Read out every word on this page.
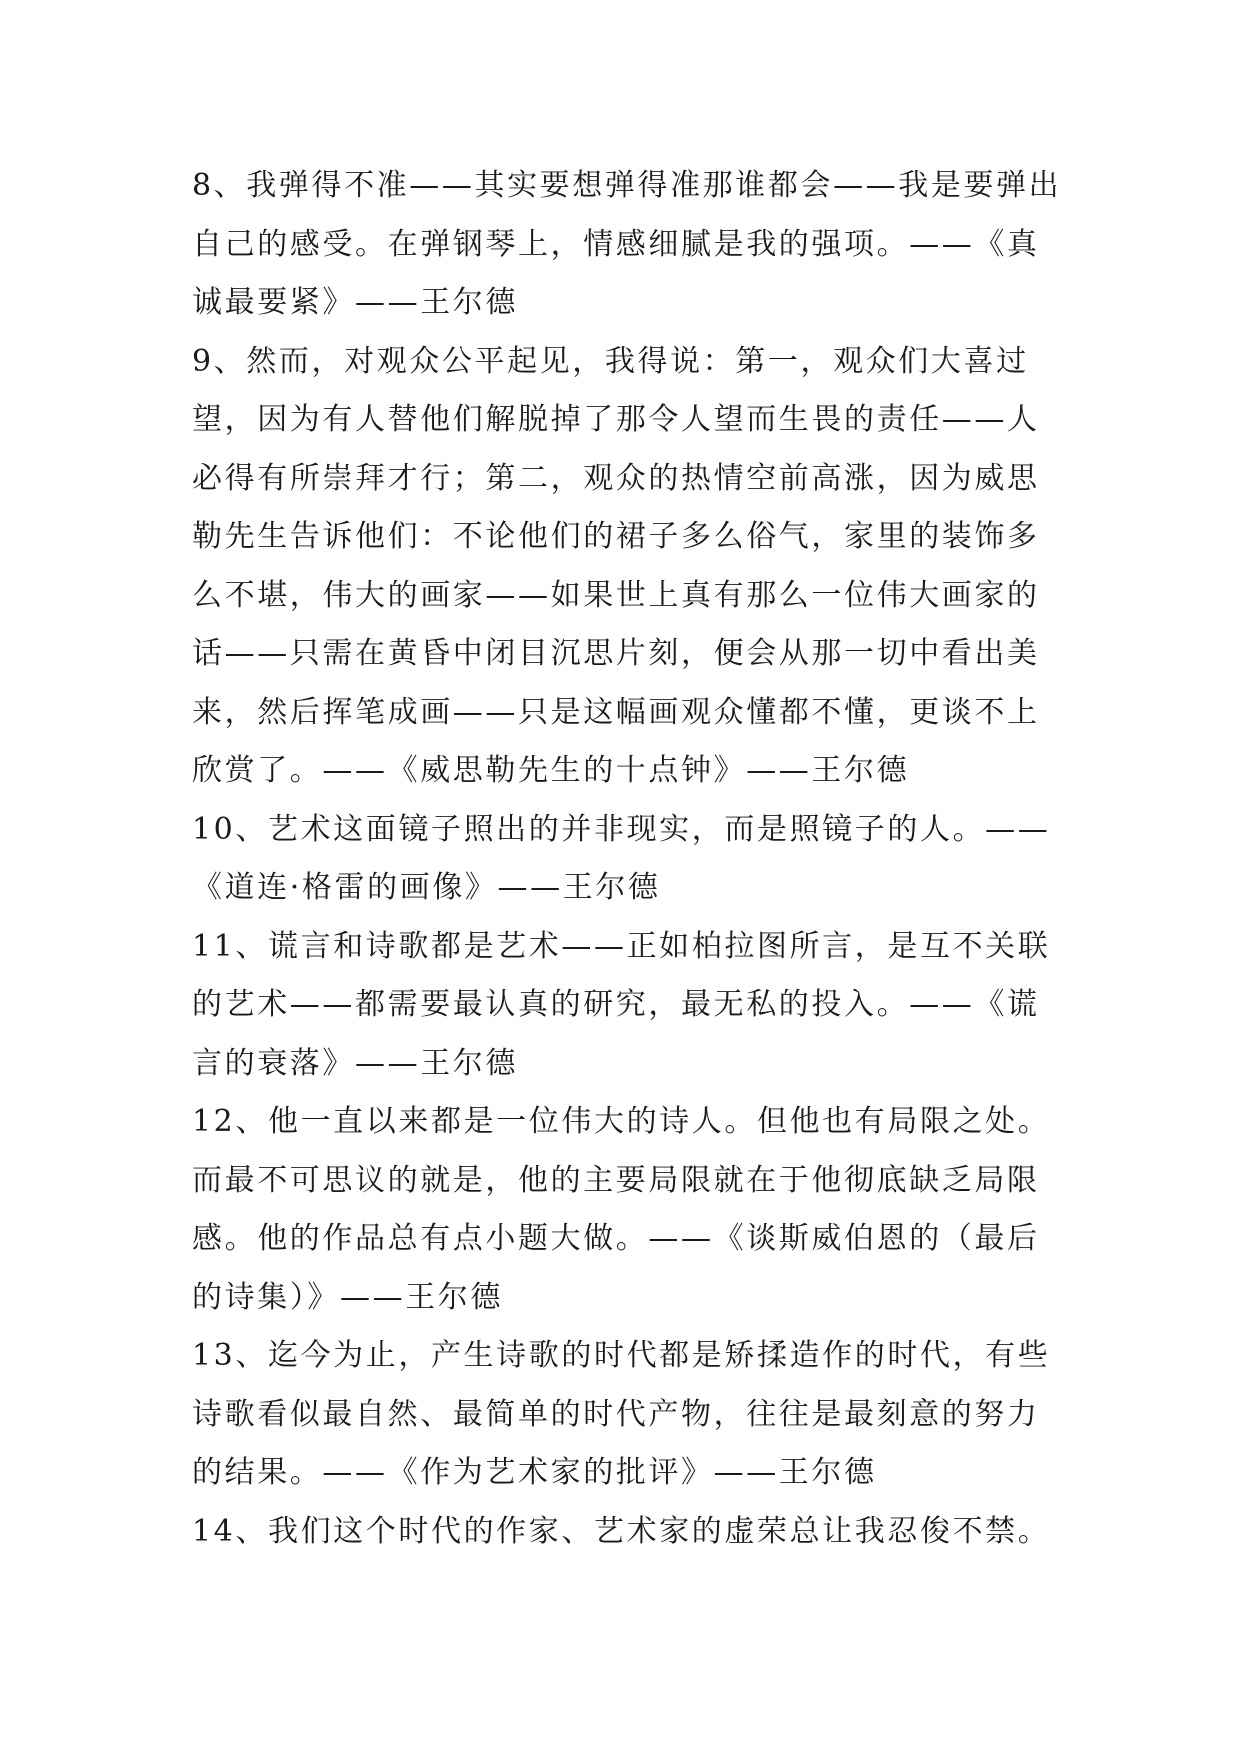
8、我弹得不准——其实要想弹得准那谁都会——我是要弹出自己的感受。在弹钢琴上，情感细腻是我的强项。——《真诚最要紧》——王尔德

9、然而，对观众公平起见，我得说：第一，观众们大喜过望，因为有人替他们解脱掉了那令人望而生畏的责任——人必得有所崇拜才行；第二，观众的热情空前高涨，因为威思勒先生告诉他们：不论他们的裙子多么俗气，家里的装饰多么不堪，伟大的画家——如果世上真有那么一位伟大画家的话——只需在黄昏中闭目沉思片刻，便会从那一切中看出美来，然后挥笔成画——只是这幅画观众懂都不懂，更谈不上欣赏了。——《威思勒先生的十点钟》——王尔德

10、艺术这面镜子照出的并非现实，而是照镜子的人。——《道连·格雷的画像》——王尔德

11、谎言和诗歌都是艺术——正如柏拉图所言，是互不关联的艺术——都需要最认真的研究，最无私的投入。——《谎言的衰落》——王尔德

12、他一直以来都是一位伟大的诗人。但他也有局限之处。而最不可思议的就是，他的主要局限就在于他彻底缺乏局限感。他的作品总有点小题大做。——《谈斯威伯恩的（最后的诗集）》——王尔德

13、迄今为止，产生诗歌的时代都是矫揉造作的时代，有些诗歌看似最自然、最简单的时代产物，往往是最刻意的努力的结果。——《作为艺术家的批评》——王尔德

14、我们这个时代的作家、艺术家的虚荣总让我忍俊不禁。
